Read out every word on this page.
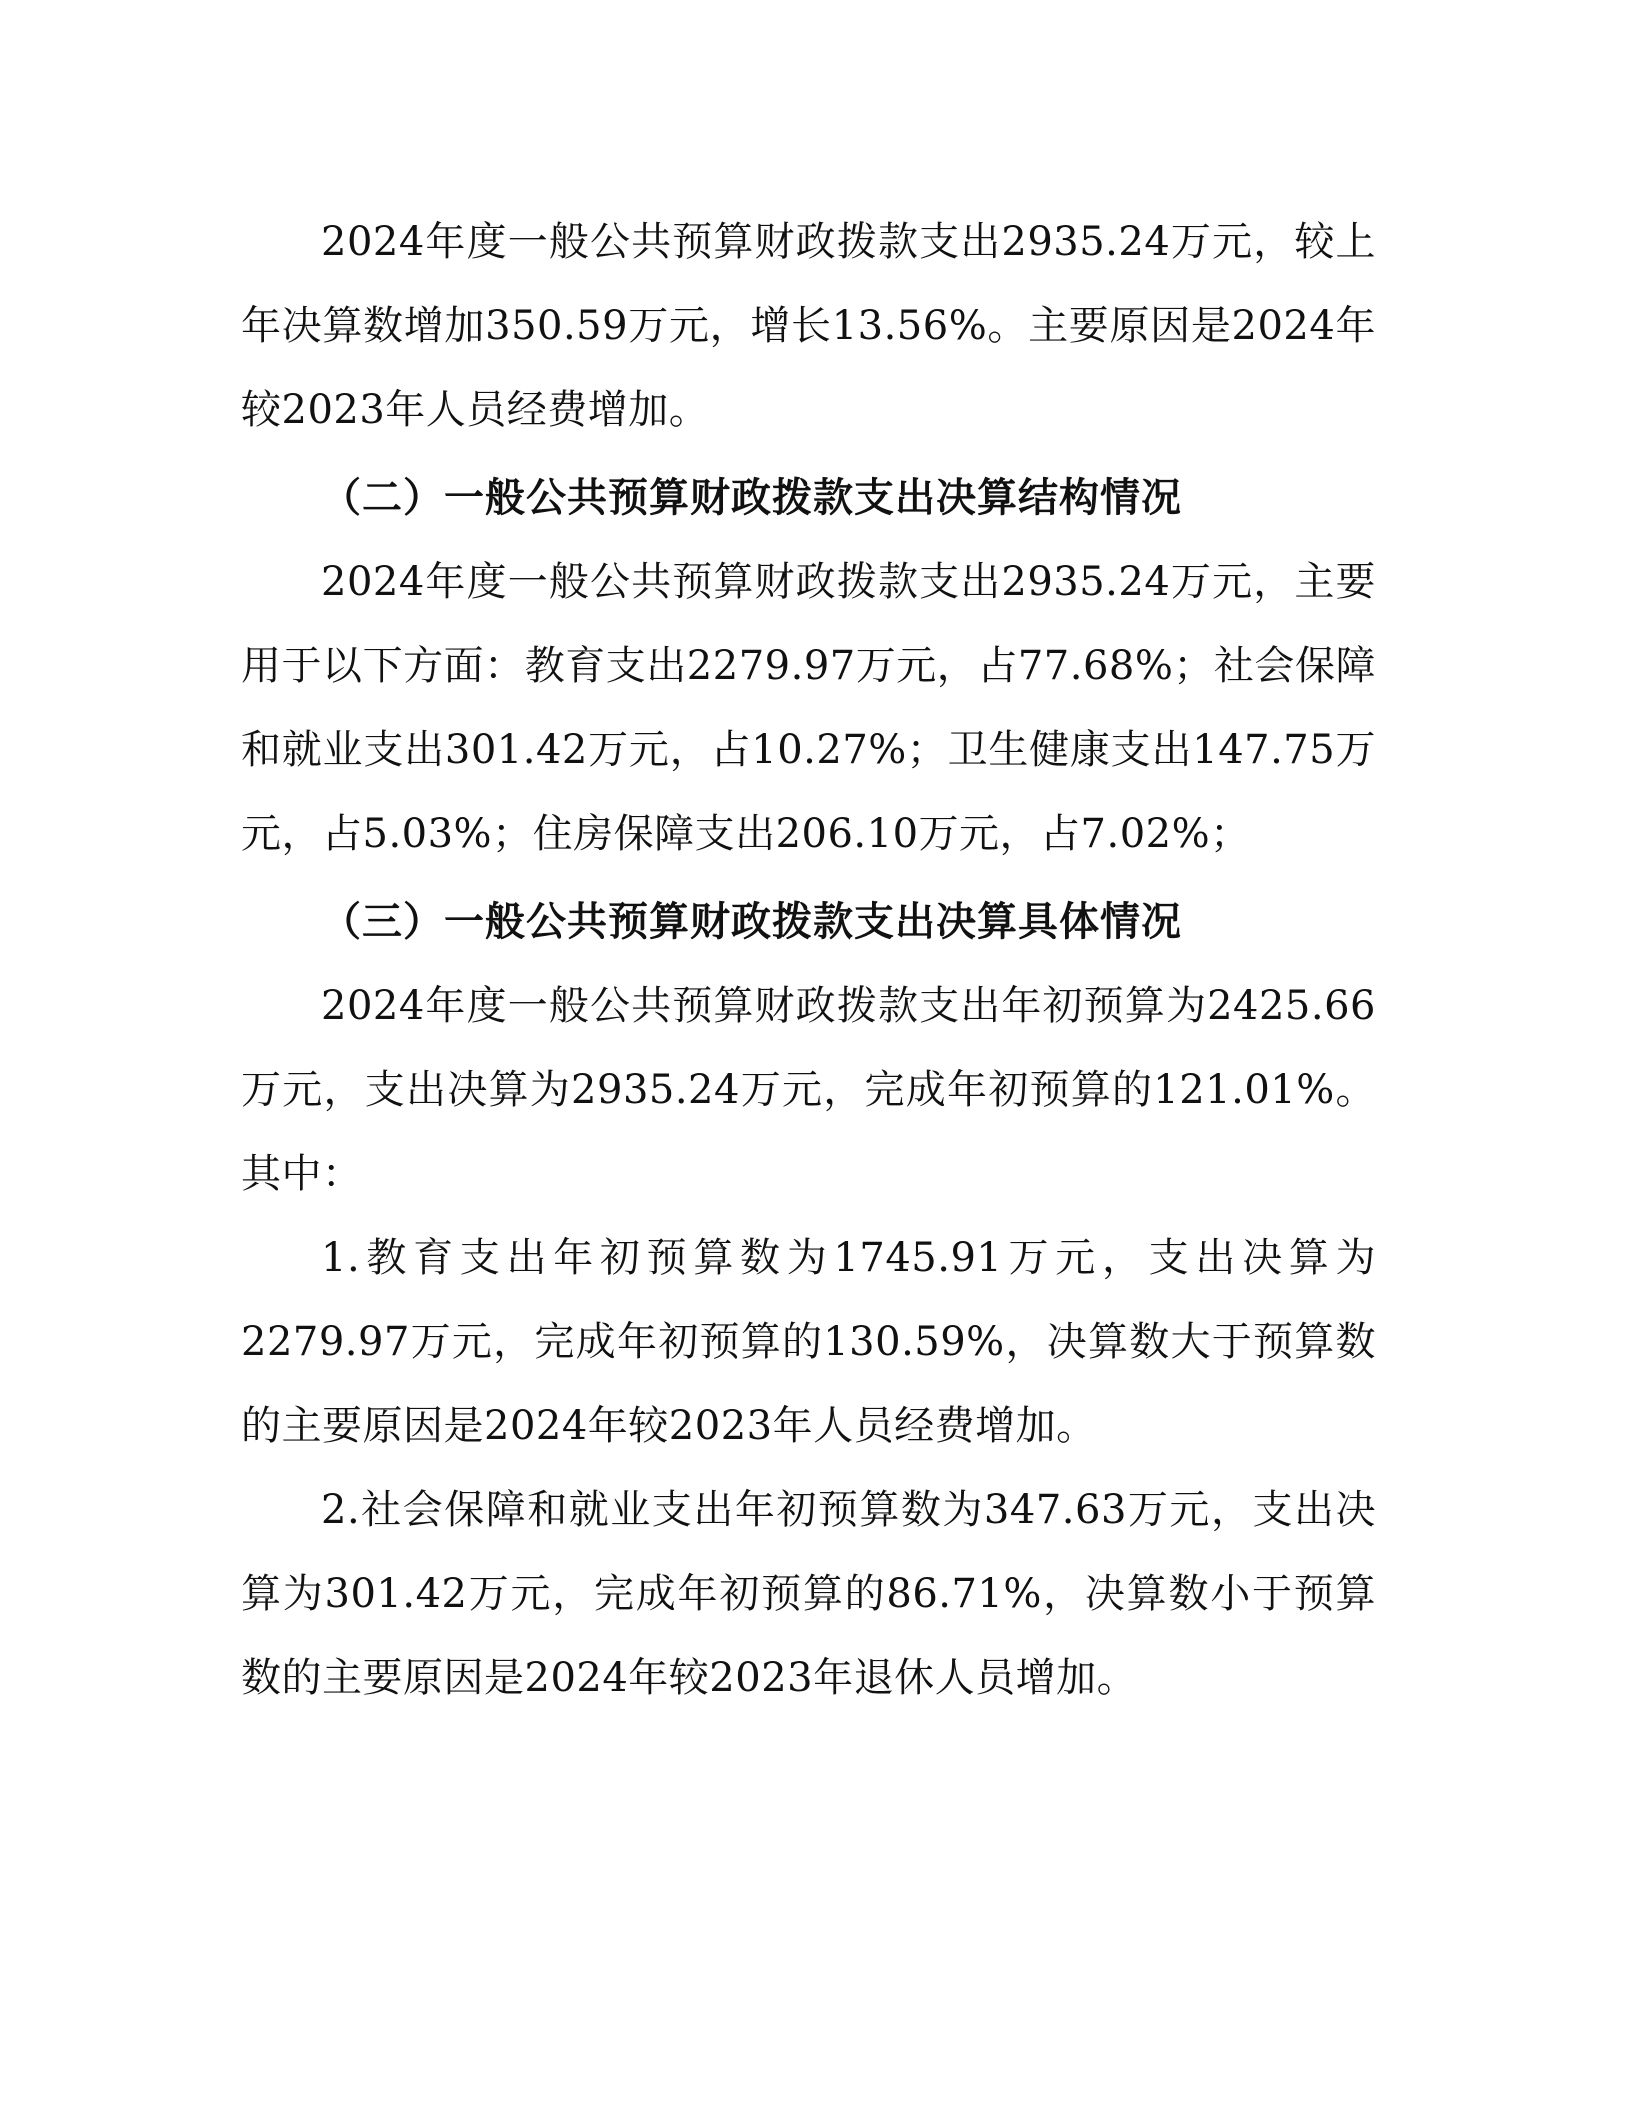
2024年度一般公共预算财政拨款支出2935.24万元，较上年决算数增加350.59万元，增长13.56%。主要原因是2024年较2023年人员经费增加。

（二）一般公共预算财政拨款支出决算结构情况

2024年度一般公共预算财政拨款支出2935.24万元，主要用于以下方面：教育支出2279.97万元，占77.68%；社会保障和就业支出301.42万元，占10.27%；卫生健康支出147.75万元，占5.03%；住房保障支出206.10万元，占7.02%；

（三）一般公共预算财政拨款支出决算具体情况

2024年度一般公共预算财政拨款支出年初预算为2425.66万元，支出决算为2935.24万元，完成年初预算的121.01%。其中：

1.教育支出年初预算数为1745.91万元，支出决算为2279.97万元，完成年初预算的130.59%，决算数大于预算数的主要原因是2024年较2023年人员经费增加。

2.社会保障和就业支出年初预算数为347.63万元，支出决算为301.42万元，完成年初预算的86.71%，决算数小于预算数的主要原因是2024年较2023年退休人员增加。
